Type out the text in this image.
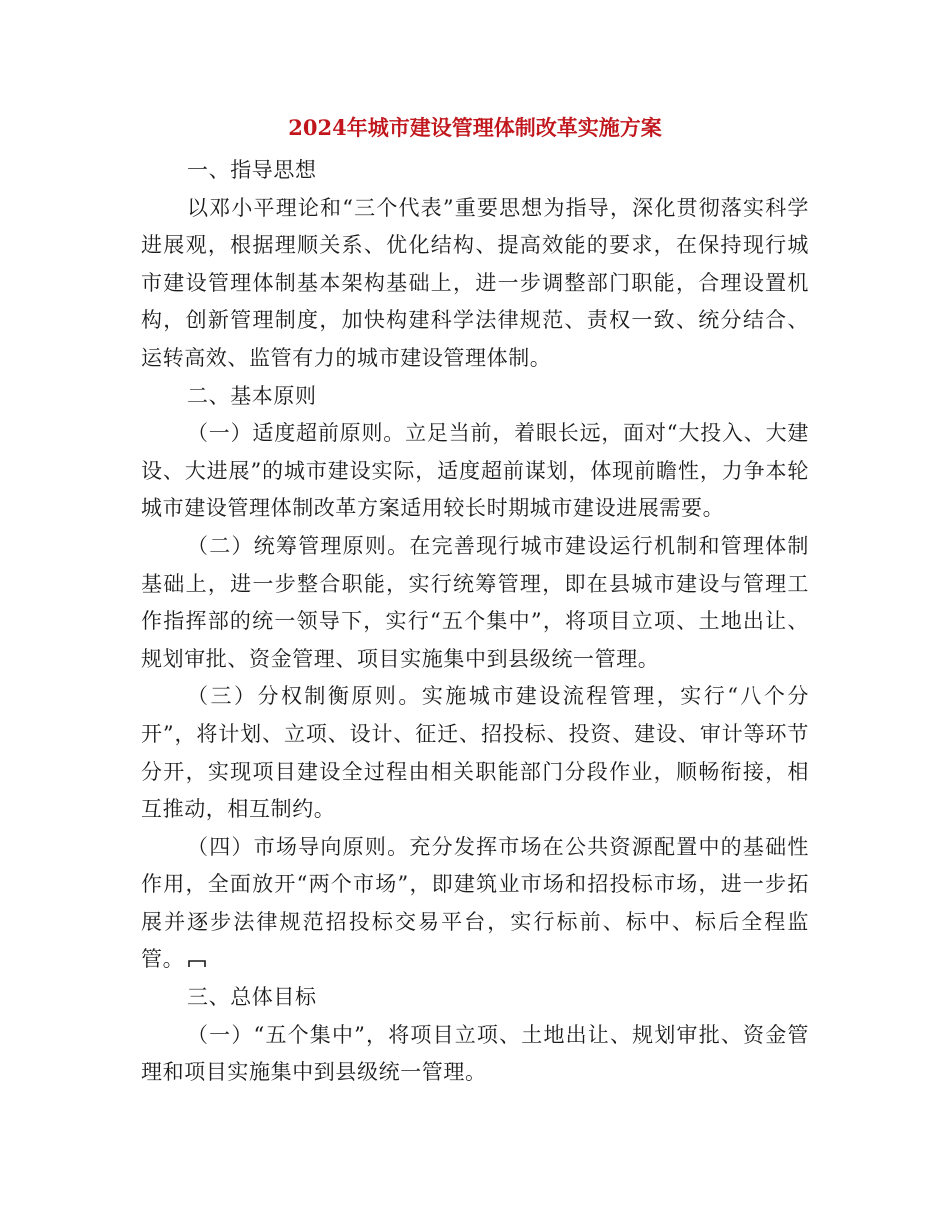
2024年城市建设管理体制改革实施方案

一、指导思想

以邓小平理论和“三个代表”重要思想为指导，深化贯彻落实科学进展观，根据理顺关系、优化结构、提高效能的要求，在保持现行城市建设管理体制基本架构基础上，进一步调整部门职能，合理设置机构，创新管理制度，加快构建科学法律规范、责权一致、统分结合、运转高效、监管有力的城市建设管理体制。

二、基本原则

（一）适度超前原则。立足当前，着眼长远，面对“大投入、大建设、大进展”的城市建设实际，适度超前谋划，体现前瞻性，力争本轮城市建设管理体制改革方案适用较长时期城市建设进展需要。

（二）统筹管理原则。在完善现行城市建设运行机制和管理体制基础上，进一步整合职能，实行统筹管理，即在县城市建设与管理工作指挥部的统一领导下，实行“五个集中”，将项目立项、土地出让、规划审批、资金管理、项目实施集中到县级统一管理。

（三）分权制衡原则。实施城市建设流程管理，实行“八个分开”，将计划、立项、设计、征迁、招投标、投资、建设、审计等环节分开，实现项目建设全过程由相关职能部门分段作业，顺畅衔接，相互推动，相互制约。

（四）市场导向原则。充分发挥市场在公共资源配置中的基础性作用，全面放开“两个市场”，即建筑业市场和招投标市场，进一步拓展并逐步法律规范招投标交易平台，实行标前、标中、标后全程监管。

三、总体目标

（一）“五个集中”，将项目立项、土地出让、规划审批、资金管理和项目实施集中到县级统一管理。
